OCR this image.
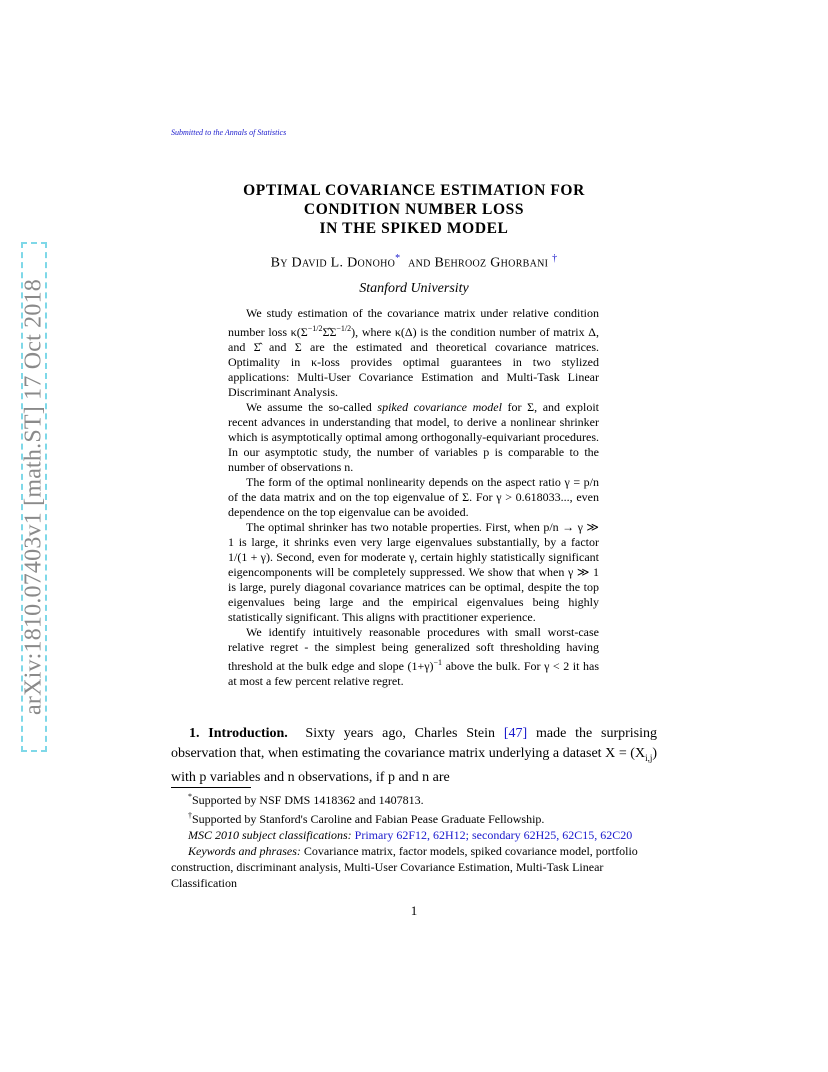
arXiv:1810.07403v1 [math.ST] 17 Oct 2018
Submitted to the Annals of Statistics
OPTIMAL COVARIANCE ESTIMATION FOR
CONDITION NUMBER LOSS
IN THE SPIKED MODEL
By David L. Donoho* and Behrooz Ghorbani †
Stanford University

We study estimation of the covariance matrix under relative condition number loss $\kappa(\Sigma^{-1/2}\Sigmâ\Sigma^{-1/2})$, where κ(Δ) is the condition number of matrix Δ, and Σ̂ and Σ are the estimated and theoretical covariance matrices. Optimality in κ-loss provides optimal guarantees in two stylized applications: Multi-User Covariance Estimation and Multi-Task Linear Discriminant Analysis.

We assume the so-called spiked covariance model for Σ, and exploit recent advances in understanding that model, to derive a nonlinear shrinker which is asymptotically optimal among orthogonally-equivariant procedures. In our asymptotic study, the number of variables p is comparable to the number of observations n.

The form of the optimal nonlinearity depends on the aspect ratio γ = p/n of the data matrix and on the top eigenvalue of Σ. For γ > 0.618033..., even dependence on the top eigenvalue can be avoided.

The optimal shrinker has two notable properties. First, when p/n → γ ≫ 1 is large, it shrinks even very large eigenvalues substantially, by a factor 1/(1 + γ). Second, even for moderate γ, certain highly statistically significant eigencomponents will be completely suppressed. We show that when γ ≫ 1 is large, purely diagonal covariance matrices can be optimal, despite the top eigenvalues being large and the empirical eigenvalues being highly statistically significant. This aligns with practitioner experience.

We identify intuitively reasonable procedures with small worst-case relative regret - the simplest being generalized soft thresholding having threshold at the bulk edge and slope $(1+\gamma)^{-1}$ above the bulk. For γ < 2 it has at most a few percent relative regret.

1. Introduction. Sixty years ago, Charles Stein [47] made the surprising observation that, when estimating the covariance matrix underlying a dataset $X = (X_{i,j})$ with p variables and n observations, if p and n are

*Supported by NSF DMS 1418362 and 1407813.

†Supported by Stanford's Caroline and Fabian Pease Graduate Fellowship.

MSC 2010 subject classifications: Primary 62F12, 62H12; secondary 62H25, 62C15, 62C20

Keywords and phrases: Covariance matrix, factor models, spiked covariance model, portfolio construction, discriminant analysis, Multi-User Covariance Estimation, Multi-Task Linear Classification

1
